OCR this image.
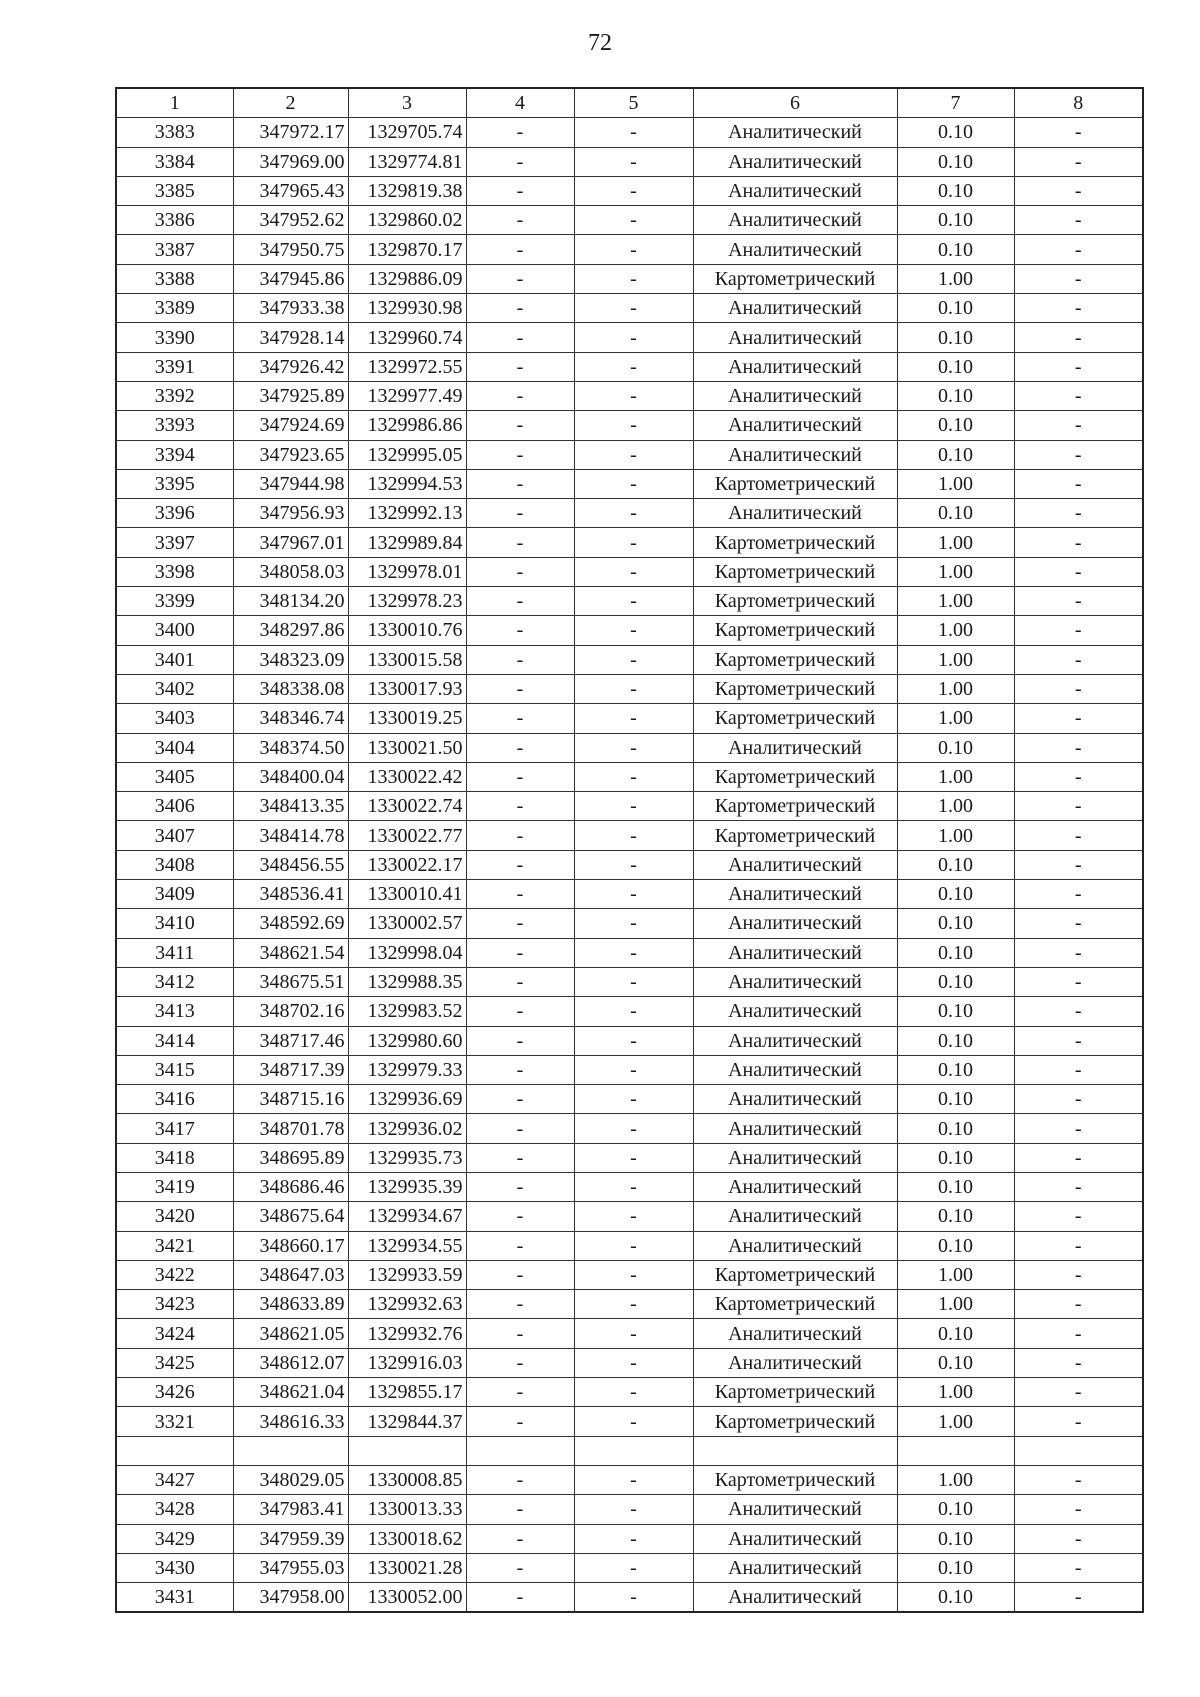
72
1	2	3	4	5	6	7	8
3383	347972.17	1329705.74	-	-	Аналитический	0.10	-
3384	347969.00	1329774.81	-	-	Аналитический	0.10	-
3385	347965.43	1329819.38	-	-	Аналитический	0.10	-
3386	347952.62	1329860.02	-	-	Аналитический	0.10	-
3387	347950.75	1329870.17	-	-	Аналитический	0.10	-
3388	347945.86	1329886.09	-	-	Картометрический	1.00	-
3389	347933.38	1329930.98	-	-	Аналитический	0.10	-
3390	347928.14	1329960.74	-	-	Аналитический	0.10	-
3391	347926.42	1329972.55	-	-	Аналитический	0.10	-
3392	347925.89	1329977.49	-	-	Аналитический	0.10	-
3393	347924.69	1329986.86	-	-	Аналитический	0.10	-
3394	347923.65	1329995.05	-	-	Аналитический	0.10	-
3395	347944.98	1329994.53	-	-	Картометрический	1.00	-
3396	347956.93	1329992.13	-	-	Аналитический	0.10	-
3397	347967.01	1329989.84	-	-	Картометрический	1.00	-
3398	348058.03	1329978.01	-	-	Картометрический	1.00	-
3399	348134.20	1329978.23	-	-	Картометрический	1.00	-
3400	348297.86	1330010.76	-	-	Картометрический	1.00	-
3401	348323.09	1330015.58	-	-	Картометрический	1.00	-
3402	348338.08	1330017.93	-	-	Картометрический	1.00	-
3403	348346.74	1330019.25	-	-	Картометрический	1.00	-
3404	348374.50	1330021.50	-	-	Аналитический	0.10	-
3405	348400.04	1330022.42	-	-	Картометрический	1.00	-
3406	348413.35	1330022.74	-	-	Картометрический	1.00	-
3407	348414.78	1330022.77	-	-	Картометрический	1.00	-
3408	348456.55	1330022.17	-	-	Аналитический	0.10	-
3409	348536.41	1330010.41	-	-	Аналитический	0.10	-
3410	348592.69	1330002.57	-	-	Аналитический	0.10	-
3411	348621.54	1329998.04	-	-	Аналитический	0.10	-
3412	348675.51	1329988.35	-	-	Аналитический	0.10	-
3413	348702.16	1329983.52	-	-	Аналитический	0.10	-
3414	348717.46	1329980.60	-	-	Аналитический	0.10	-
3415	348717.39	1329979.33	-	-	Аналитический	0.10	-
3416	348715.16	1329936.69	-	-	Аналитический	0.10	-
3417	348701.78	1329936.02	-	-	Аналитический	0.10	-
3418	348695.89	1329935.73	-	-	Аналитический	0.10	-
3419	348686.46	1329935.39	-	-	Аналитический	0.10	-
3420	348675.64	1329934.67	-	-	Аналитический	0.10	-
3421	348660.17	1329934.55	-	-	Аналитический	0.10	-
3422	348647.03	1329933.59	-	-	Картометрический	1.00	-
3423	348633.89	1329932.63	-	-	Картометрический	1.00	-
3424	348621.05	1329932.76	-	-	Аналитический	0.10	-
3425	348612.07	1329916.03	-	-	Аналитический	0.10	-
3426	348621.04	1329855.17	-	-	Картометрический	1.00	-
3321	348616.33	1329844.37	-	-	Картометрический	1.00	-

3427	348029.05	1330008.85	-	-	Картометрический	1.00	-
3428	347983.41	1330013.33	-	-	Аналитический	0.10	-
3429	347959.39	1330018.62	-	-	Аналитический	0.10	-
3430	347955.03	1330021.28	-	-	Аналитический	0.10	-
3431	347958.00	1330052.00	-	-	Аналитический	0.10	-
